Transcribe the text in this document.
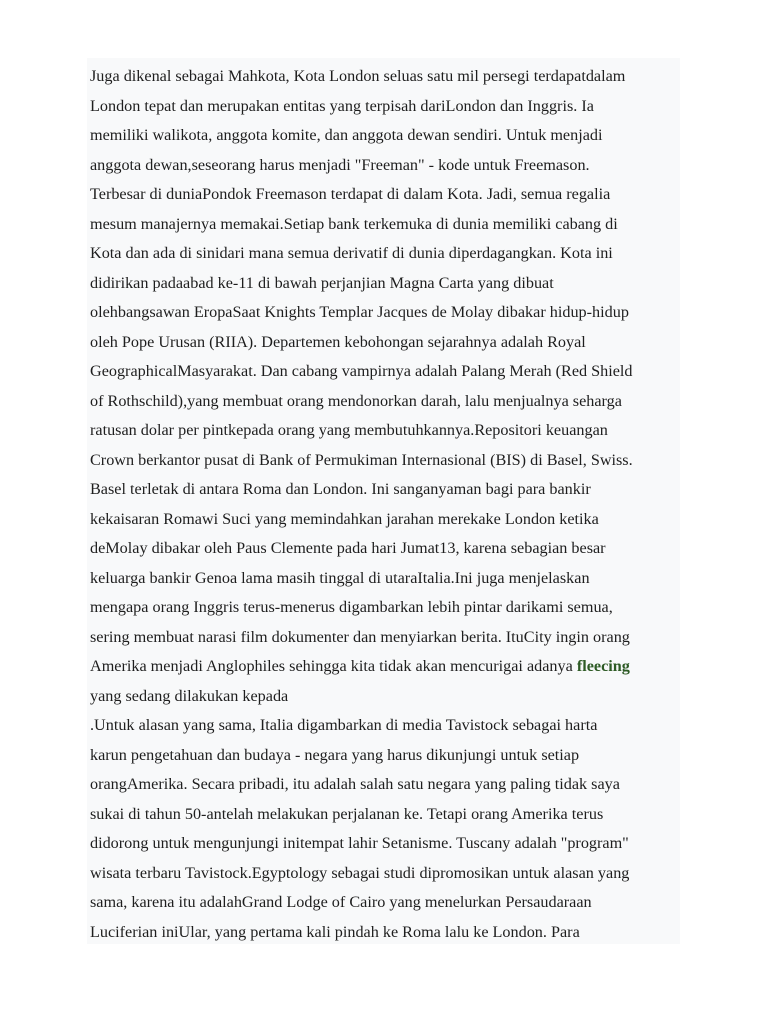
Juga dikenal sebagai Mahkota, Kota London seluas satu mil persegi terdapatdalam
London tepat dan merupakan entitas yang terpisah dariLondon dan Inggris. Ia
memiliki walikota, anggota komite, dan anggota dewan sendiri. Untuk menjadi
anggota dewan,seseorang harus menjadi "Freeman" - kode untuk Freemason.
Terbesar di duniaPondok Freemason terdapat di dalam Kota. Jadi, semua regalia
mesum manajernya memakai.Setiap bank terkemuka di dunia memiliki cabang di
Kota dan ada di sinidari mana semua derivatif di dunia diperdagangkan. Kota ini
didirikan padaabad ke-11 di bawah perjanjian Magna Carta yang dibuat
olehbangsawan EropaSaat Knights Templar Jacques de Molay dibakar hidup-hidup
oleh Pope Urusan (RIIA). Departemen kebohongan sejarahnya adalah Royal
GeographicalMasyarakat. Dan cabang vampirnya adalah Palang Merah (Red Shield
of Rothschild),yang membuat orang mendonorkan darah, lalu menjualnya seharga
ratusan dolar per pintkepada orang yang membutuhkannya.Repositori keuangan
Crown berkantor pusat di Bank of Permukiman Internasional (BIS) di Basel, Swiss.
Basel terletak di antara Roma dan London. Ini sanganyaman bagi para bankir
kekaisaran Romawi Suci yang memindahkan jarahan merekake London ketika
deMolay dibakar oleh Paus Clemente pada hari Jumat13, karena sebagian besar
keluarga bankir Genoa lama masih tinggal di utaraItalia.Ini juga menjelaskan
mengapa orang Inggris terus-menerus digambarkan lebih pintar darikami semua,
sering membuat narasi film dokumenter dan menyiarkan berita. ItuCity ingin orang
Amerika menjadi Anglophiles sehingga kita tidak akan mencurigai adanya fleecing
yang sedang dilakukan kepada
.Untuk alasan yang sama, Italia digambarkan di media Tavistock sebagai harta
karun pengetahuan dan budaya - negara yang harus dikunjungi untuk setiap
orangAmerika. Secara pribadi, itu adalah salah satu negara yang paling tidak saya
sukai di tahun 50-antelah melakukan perjalanan ke. Tetapi orang Amerika terus
didorong untuk mengunjungi initempat lahir Setanisme. Tuscany adalah "program"
wisata terbaru Tavistock.Egyptology sebagai studi dipromosikan untuk alasan yang
sama, karena itu adalahGrand Lodge of Cairo yang menelurkan Persaudaraan
Luciferian iniUlar, yang pertama kali pindah ke Roma lalu ke London. Para
